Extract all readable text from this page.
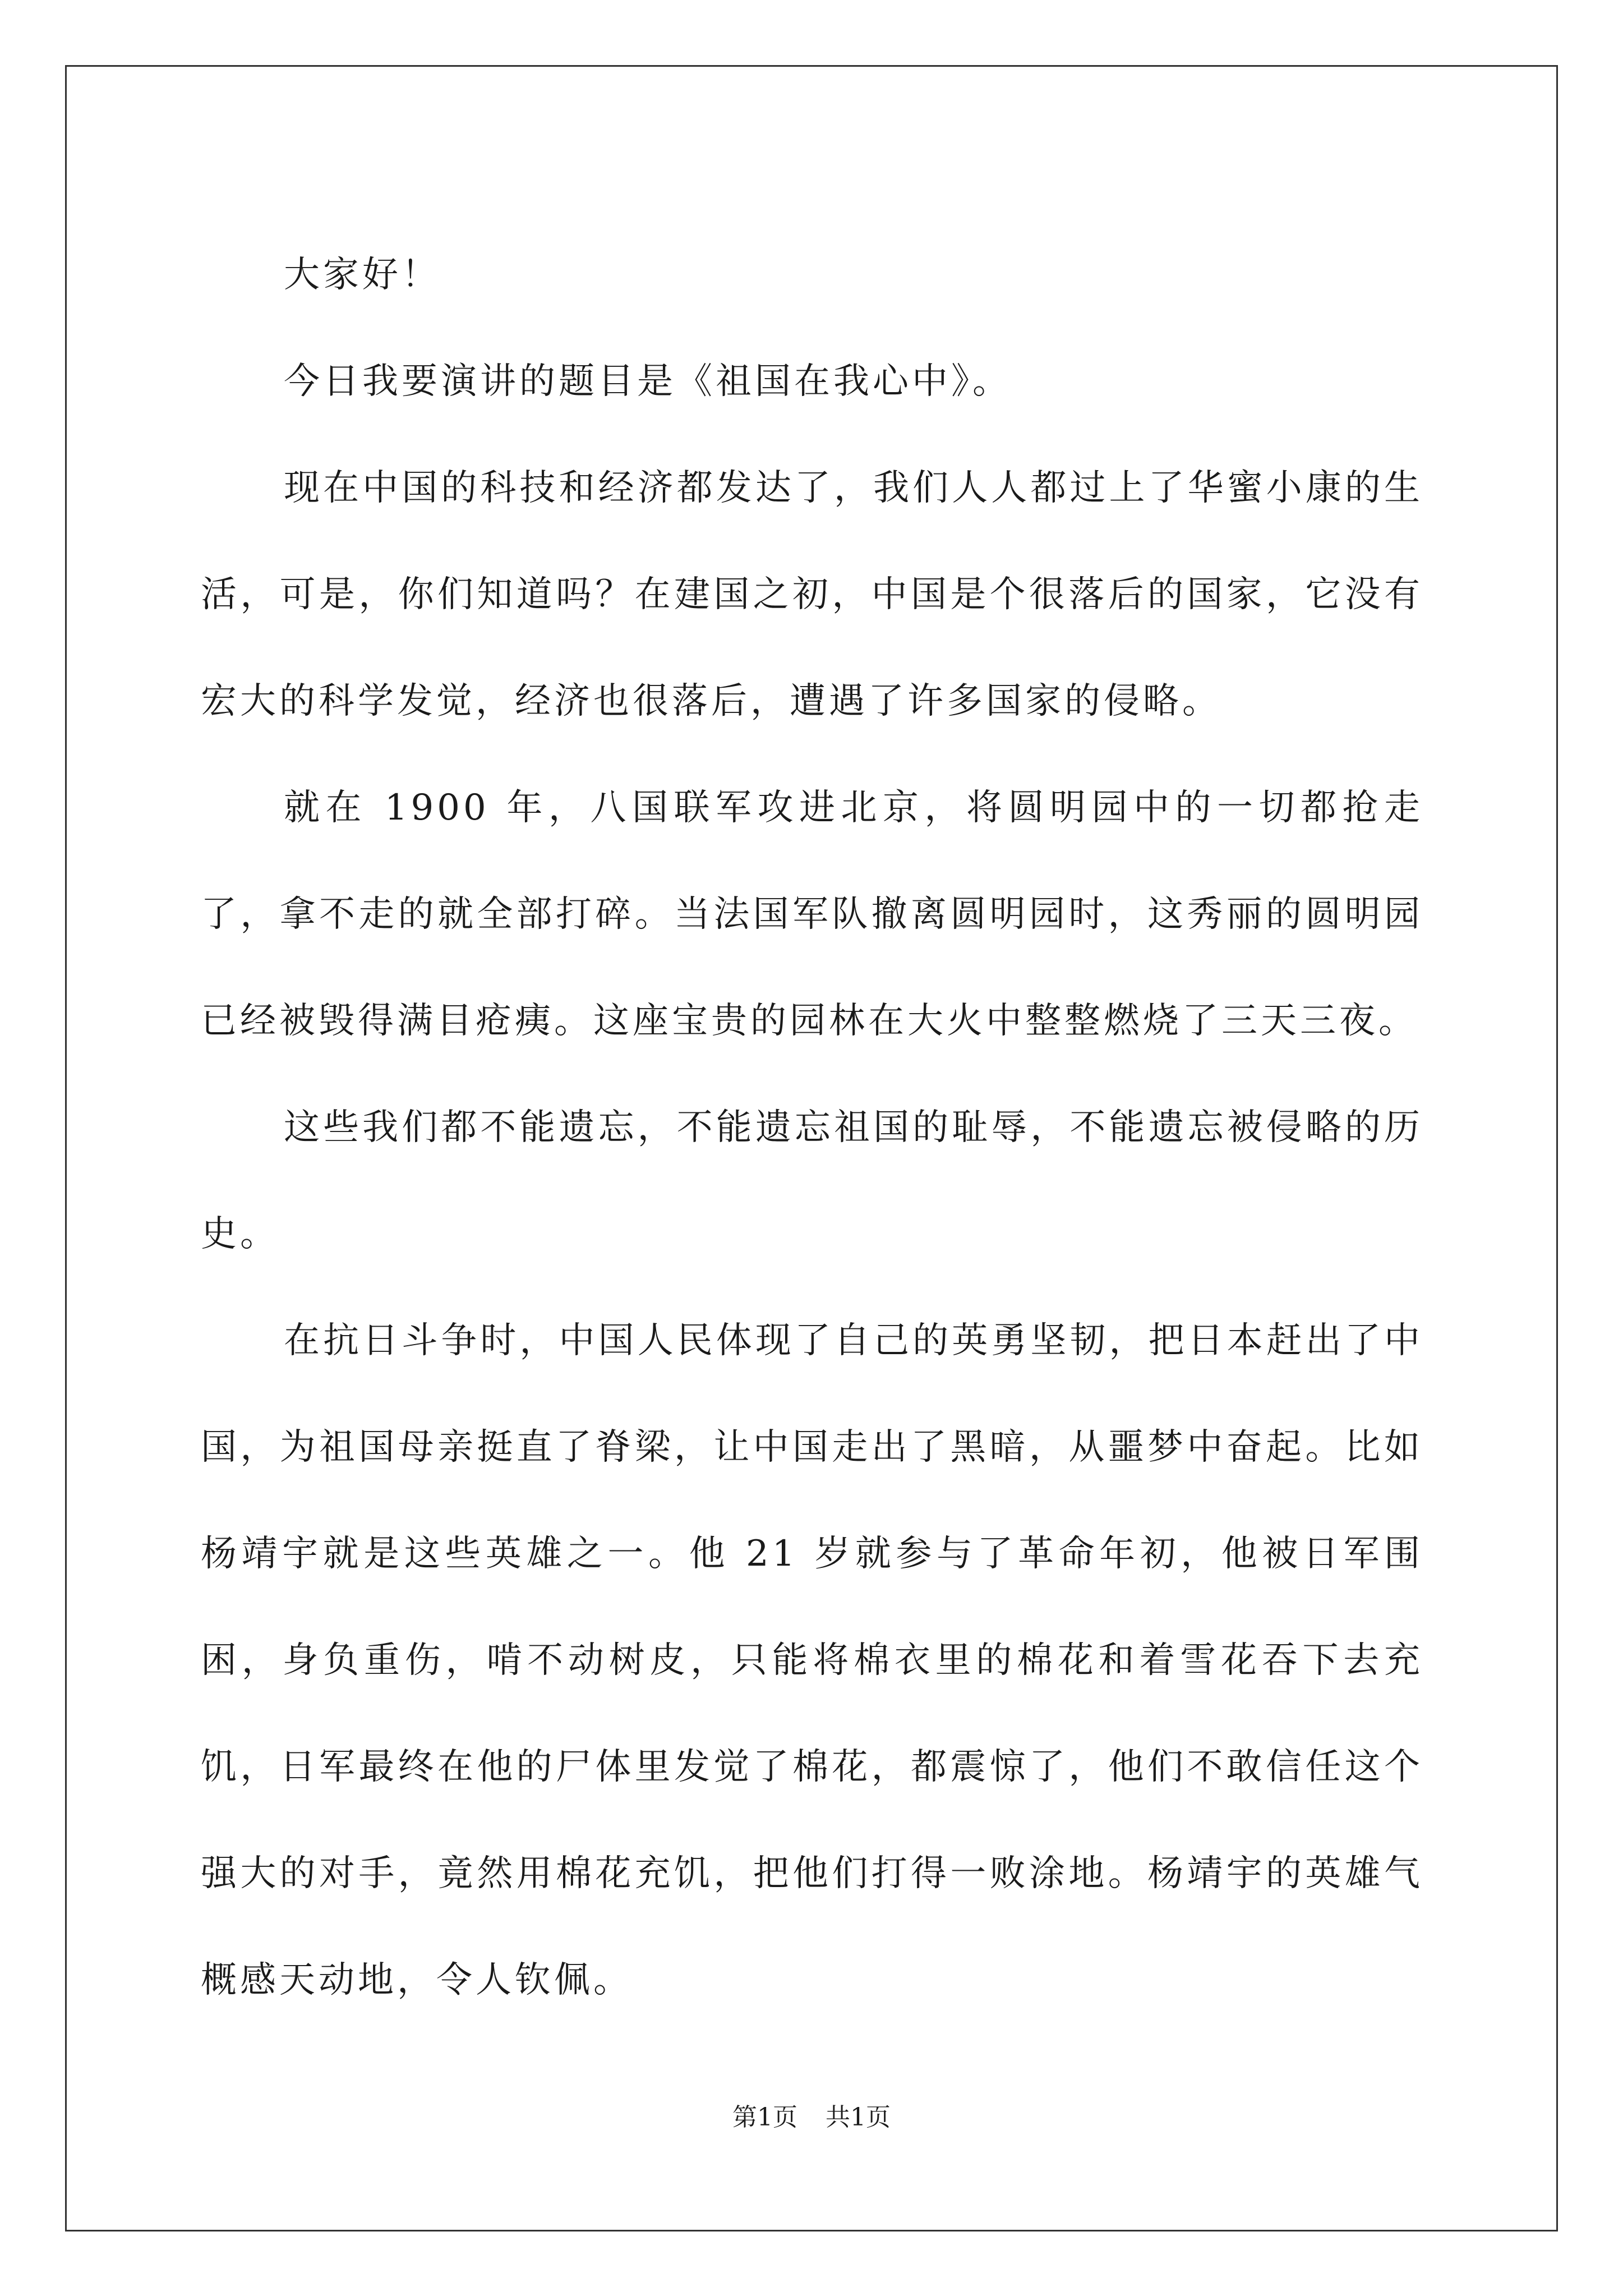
大家好！

今日我要演讲的题目是《祖国在我心中》。

现在中国的科技和经济都发达了，我们人人都过上了华蜜小康的生活，可是，你们知道吗？在建国之初，中国是个很落后的国家，它没有宏大的科学发觉，经济也很落后，遭遇了许多国家的侵略。

就在 1900 年，八国联军攻进北京，将圆明园中的一切都抢走了，拿不走的就全部打碎。当法国军队撤离圆明园时，这秀丽的圆明园已经被毁得满目疮痍。这座宝贵的园林在大火中整整燃烧了三天三夜。

这些我们都不能遗忘，不能遗忘祖国的耻辱，不能遗忘被侵略的历史。

在抗日斗争时，中国人民体现了自己的英勇坚韧，把日本赶出了中国，为祖国母亲挺直了脊梁，让中国走出了黑暗，从噩梦中奋起。比如杨靖宇就是这些英雄之一。他 21 岁就参与了革命年初，他被日军围困，身负重伤，啃不动树皮，只能将棉衣里的棉花和着雪花吞下去充饥，日军最终在他的尸体里发觉了棉花，都震惊了，他们不敢信任这个强大的对手，竟然用棉花充饥，把他们打得一败涂地。杨靖宇的英雄气概感天动地，令人钦佩。

第1页 共1页
